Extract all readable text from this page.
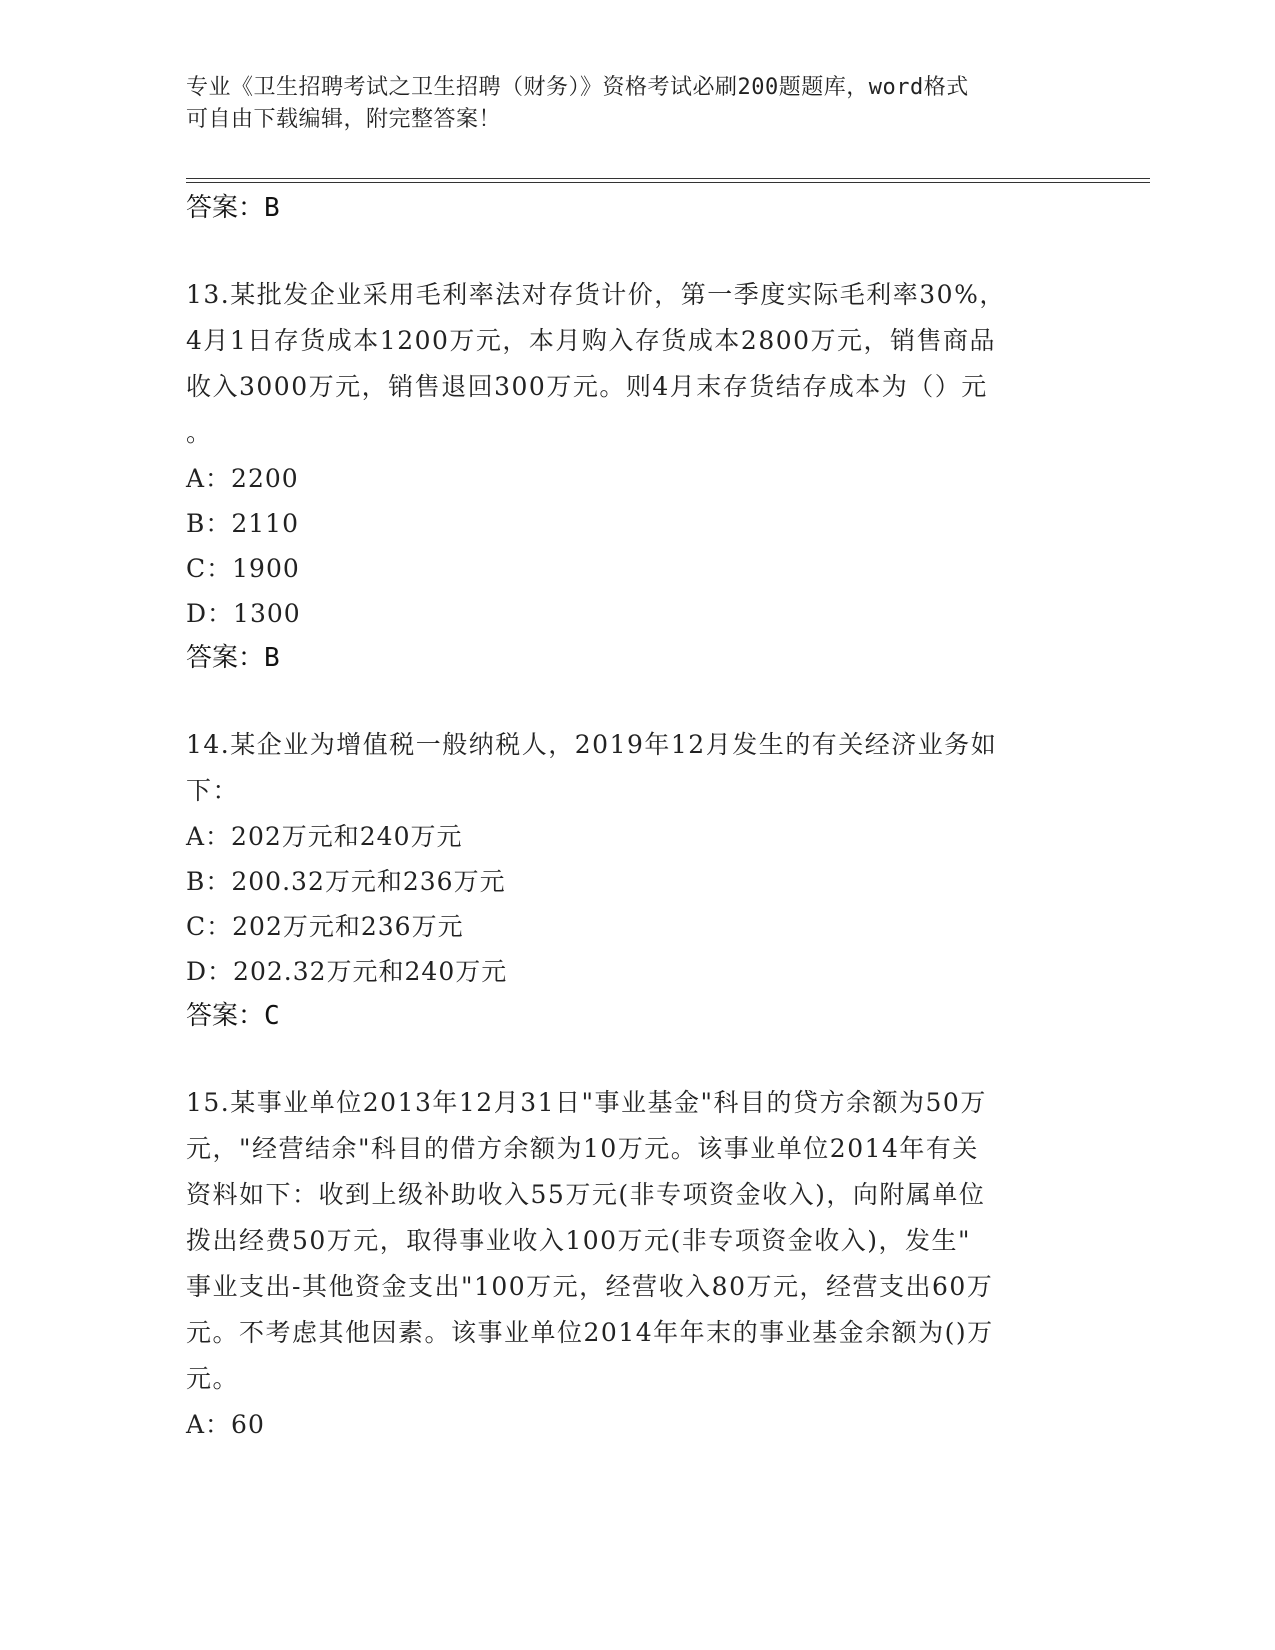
专业《卫生招聘考试之卫生招聘（财务）》资格考试必刷200题题库，word格式
可自由下载编辑，附完整答案！
答案：B
13.某批发企业采用毛利率法对存货计价，第一季度实际毛利率30%，
4月1日存货成本1200万元，本月购入存货成本2800万元，销售商品
收入3000万元，销售退回300万元。则4月末存货结存成本为（）元
。
A：2200
B：2110
C：1900
D：1300
答案：B
14.某企业为增值税一般纳税人，2019年12月发生的有关经济业务如
下：
A：202万元和240万元
B：200.32万元和236万元
C：202万元和236万元
D：202.32万元和240万元
答案：C
15.某事业单位2013年12月31日"事业基金"科目的贷方余额为50万
元，"经营结余"科目的借方余额为10万元。该事业单位2014年有关
资料如下：收到上级补助收入55万元(非专项资金收入)，向附属单位
拨出经费50万元，取得事业收入100万元(非专项资金收入)，发生"
事业支出-其他资金支出"100万元，经营收入80万元，经营支出60万
元。不考虑其他因素。该事业单位2014年年末的事业基金余额为()万
元。
A：60
